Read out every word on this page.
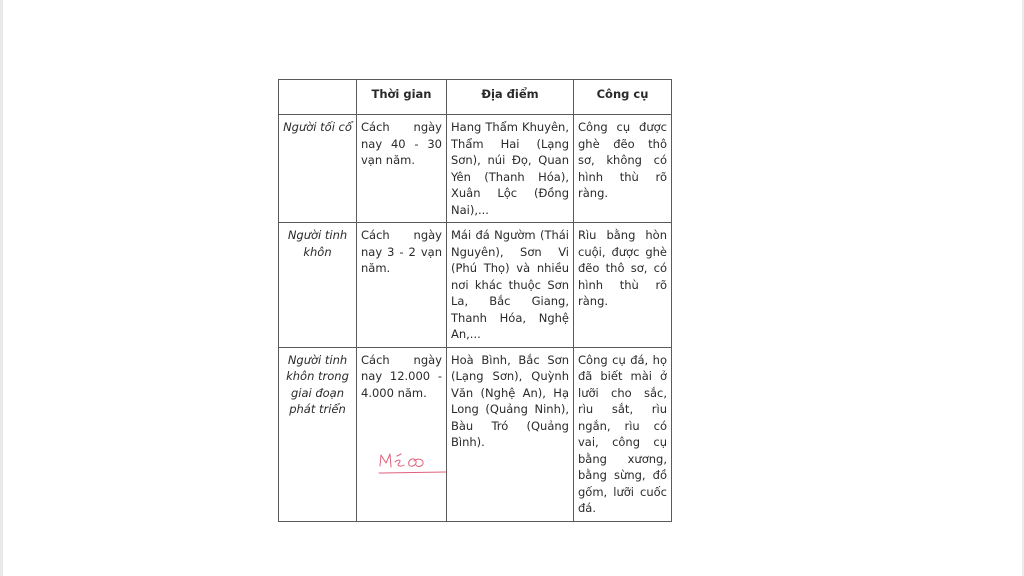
	Thời gian	Địa điểm	Công cụ
Người tối cổ	Cách ngày nay 40 - 30 vạn năm.	Hang Thẩm Khuyên, Thẩm Hai (Lạng Sơn), núi Đọ, Quan Yên (Thanh Hóa), Xuân Lộc (Đồng Nai),...	Công cụ được ghè đẽo thô sơ, không có hình thù rõ ràng.
Người tinh khôn	Cách ngày nay 3 - 2 vạn năm.	Mái đá Ngườm (Thái Nguyên), Sơn Vi (Phú Thọ) và nhiều nơi khác thuộc Sơn La, Bắc Giang, Thanh Hóa, Nghệ An,...	Rìu bằng hòn cuội, được ghè đẽo thô sơ, có hình thù rõ ràng.
Người tinh khôn trong giai đoạn phát triển	Cách ngày nay 12.000 - 4.000 năm.	Hoà Bình, Bắc Sơn (Lạng Sơn), Quỳnh Văn (Nghệ An), Hạ Long (Quảng Ninh), Bàu Tró (Quảng Bình).	Công cụ đá, họ đã biết mài ở lưỡi cho sắc, rìu sắt, rìu ngắn, rìu có vai, công cụ bằng xương, bằng sừng, đồ gốm, lưỡi cuốc đá.
